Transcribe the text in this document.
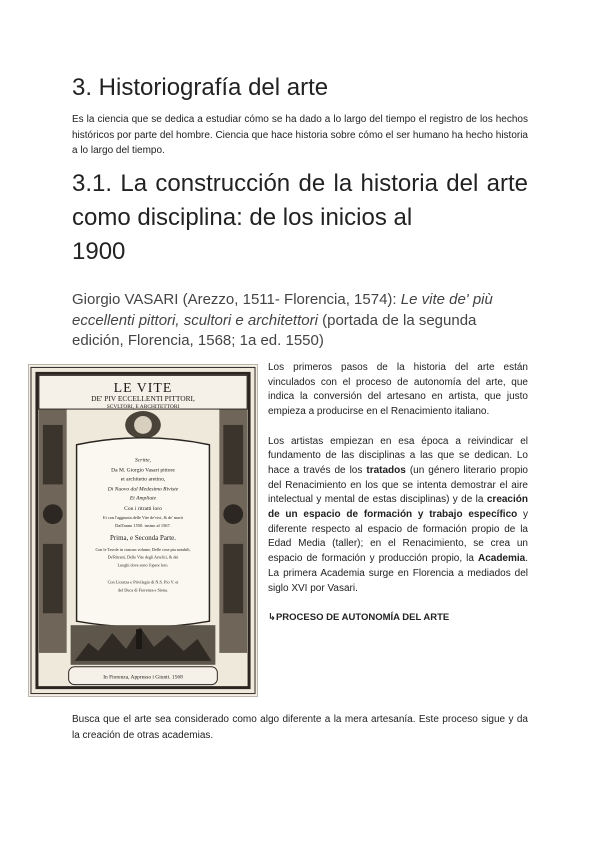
3. Historiografía del arte

Es la ciencia que se dedica a estudiar cómo se ha dado a lo largo del tiempo el registro de los hechos históricos por parte del hombre. Ciencia que hace historia sobre cómo el ser humano ha hecho historia a lo largo del tiempo.

3.1. La construcción de la historia del arte como disciplina: de los inicios al
1900

Giorgio VASARI (Arezzo, 1511- Florencia, 1574): Le vite de' più eccellenti pittori, scultori e architettori (portada de la segunda edición, Florencia, 1568; 1a ed. 1550)

LE VITE
DE' PIV ECCELLENTI PITTORI,
SCVLTORI, E ARCHITETTORI
Scritte,
Da M. Giorgio Vasari pittore
et architetto aretino,
Di Nuovo dal Medesimo Riviste
Et Ampliate
Con i ritratti loro
Et con l'aggiunta delle Vite de'vivi, & de' morti
Dall'anno 1550. insino al 1567.
Prima, e Seconda Parte.
Con le Tavole in ciascun volume, Delle cose piu notabili,
De'Ritratti, Delle Vite degli Artefici, & dei
Luoghi dove sono l'opere loro.
Con Licenza e Privilegio di N.S. Pio V. et
del Duca di Fiorenza e Siena.
In Fiorenza, Appresso i Giunti. 1568

Los primeros pasos de la historia del arte están vinculados con el proceso de autonomía del arte, que indica la conversión del artesano en artista, que justo empieza a producirse en el Renacimiento italiano.

Los artistas empiezan en esa época a reivindicar el fundamento de las disciplinas a las que se dedican. Lo hace a través de los tratados (un género literario propio del Renacimiento en los que se intenta demostrar el aire intelectual y mental de estas disciplinas) y de la creación de un espacio de formación y trabajo específico y diferente respecto al espacio de formación propio de la Edad Media (taller); en el Renacimiento, se crea un espacio de formación y producción propio, la Academia. La primera Academia surge en Florencia a mediados del siglo XVI por Vasari.

↳PROCESO DE AUTONOMÍA DEL ARTE

Busca que el arte sea considerado como algo diferente a la mera artesanía. Este proceso sigue y da la creación de otras academias.
